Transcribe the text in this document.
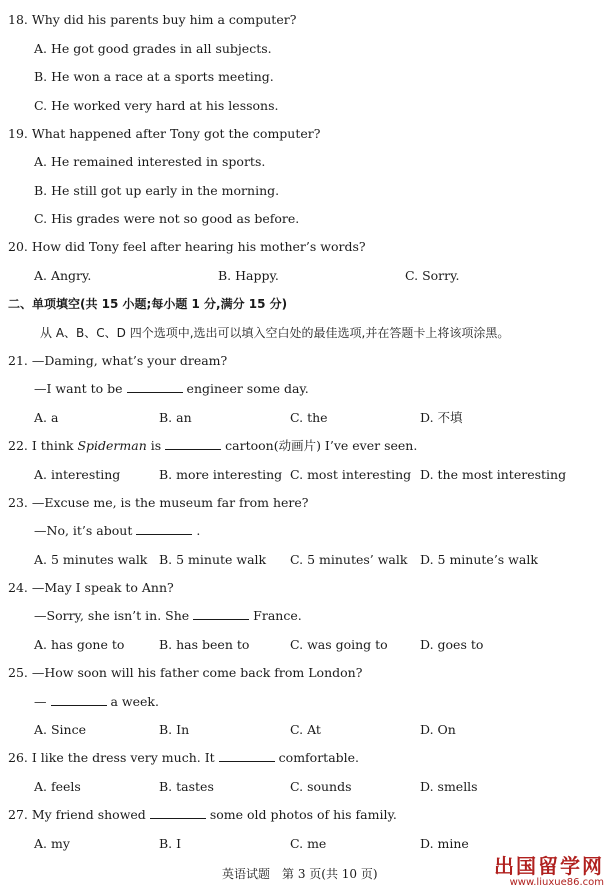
18. Why did his parents buy him a computer?
A. He got good grades in all subjects.
B. He won a race at a sports meeting.
C. He worked very hard at his lessons.
19. What happened after Tony got the computer?
A. He remained interested in sports.
B. He still got up early in the morning.
C. His grades were not so good as before.
20. How did Tony feel after hearing his mother’s words?
A. Angry.	B. Happy.	C. Sorry.
二、单项填空(共 15 小题;每小题 1 分,满分 15 分)
从 A、B、C、D 四个选项中,选出可以填入空白处的最佳选项,并在答题卡上将该项涂黑。
21. —Daming, what’s your dream?
—I want to be	engineer some day.
A. a	B. an	C. the	D. 不填
22. I think Spiderman is	cartoon(动画片) I’ve ever seen.
A. interesting	B. more interesting C. most interesting D. the most interesting
23. —Excuse me, is the museum far from here?
—No, it’s about	.
A. 5 minutes walk B. 5 minute walk C. 5 minutes’ walk D. 5 minute’s walk
24. —May I speak to Ann?
—Sorry, she isn’t in. She	France.
A. has gone to	B. has been to	C. was going to	D. goes to
25. —How soon will his father come back from London?
—	a week.
A. Since	B. In	C. At	D. On
26. I like the dress very much. It	comfortable.
A. feels	B. tastes	C. sounds	D. smells
27. My friend showed	some old photos of his family.
A. my	B. I	C. me	D. mine
英语试题　第 3 页(共 10 页)	出国留学网
www.liuxue86.com
